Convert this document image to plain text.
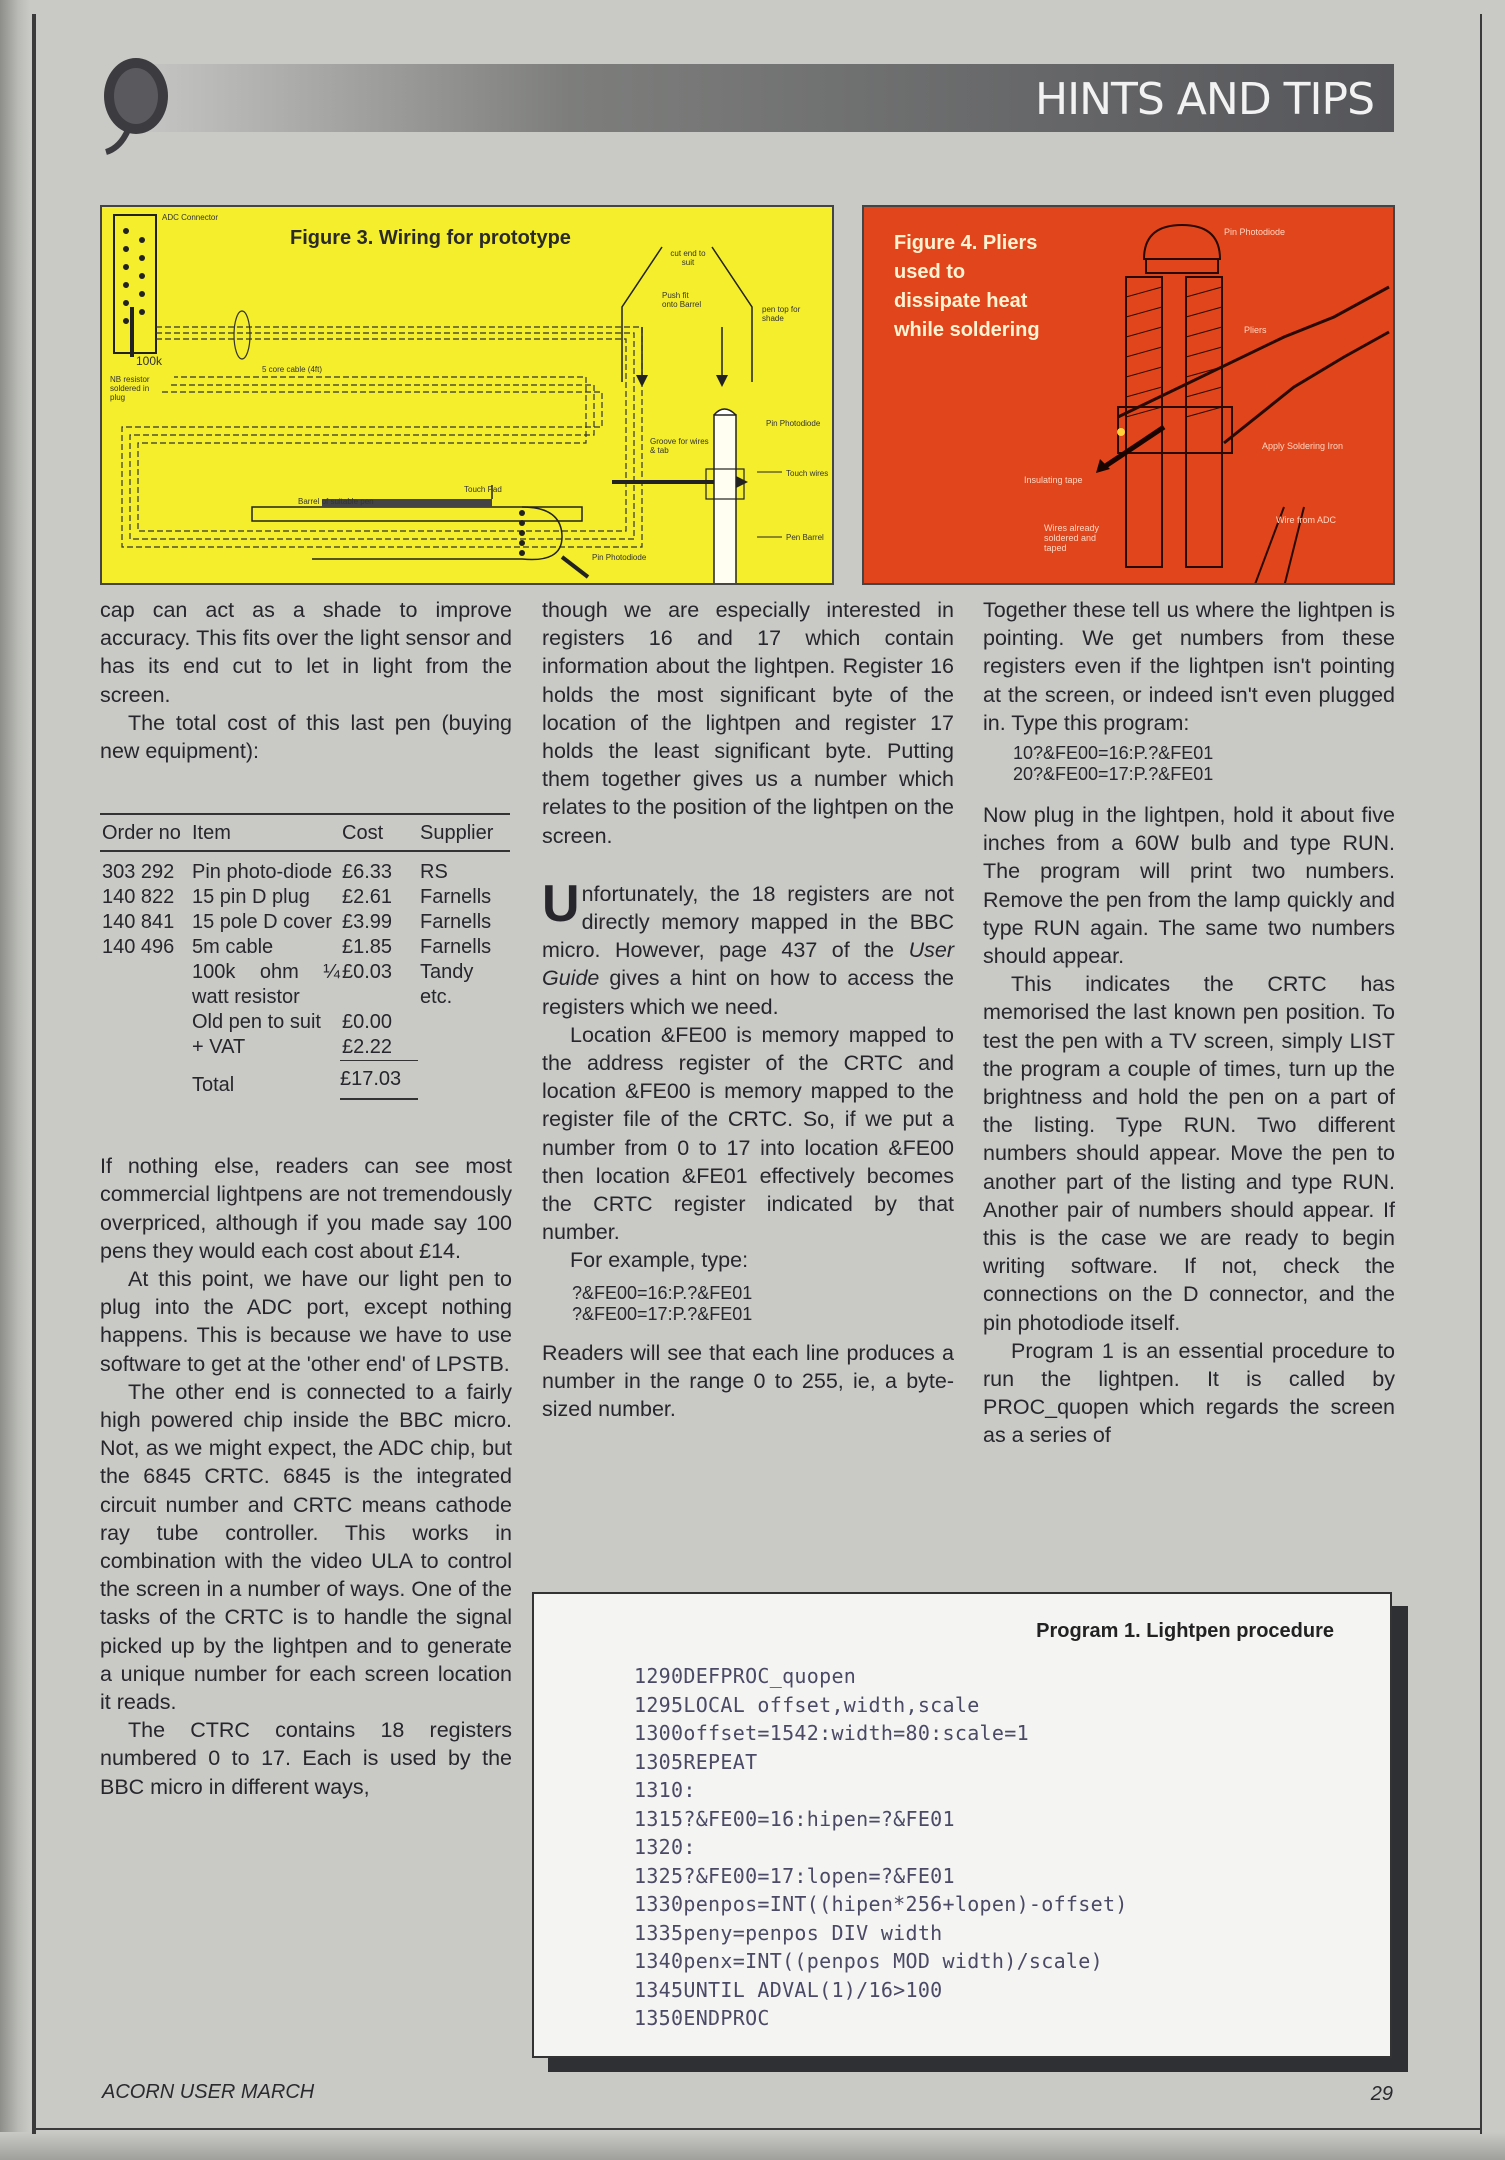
HINTS AND TIPS
Figure 3. Wiring for prototype
ADC Connector
100k
NB resistor soldered in plug
5 core cable (4ft)
cut end to suit
Push fit onto Barrel
pen top for shade
Groove for wires & tab
Pin Photodiode
Touch wires
Touch Pad
Barrel of suitable pen
Pen Barrel
Pin Photodiode
Figure 4. Pliers used to dissipate heat while soldering
Pin Photodiode
Pliers
Apply Soldering Iron
Insulating tape
Wires already soldered and taped
Wire from ADC

cap can act as a shade to improve accuracy. This fits over the light sensor and has its end cut to let in light from the screen.

The total cost of this last pen (buying new equipment):

Order no	Item	Cost	Supplier
303 292	Pin photo-diode	£6.33	RS
140 822	15 pin D plug	£2.61	Farnells
140 841	15 pole D cover	£3.99	Farnells
140 496	5m cable	£1.85	Farnells
	100k ohm ¼ watt resistor	£0.03	Tandy etc.
	Old pen to suit	£0.00	
	+ VAT	£2.22	
	Total	£17.03	

If nothing else, readers can see most commercial lightpens are not tremendously overpriced, although if you made say 100 pens they would each cost about £14.

At this point, we have our light pen to plug into the ADC port, except nothing happens. This is because we have to use software to get at the 'other end' of LPSTB.

The other end is connected to a fairly high powered chip inside the BBC micro. Not, as we might expect, the ADC chip, but the 6845 CRTC. 6845 is the integrated circuit number and CRTC means cathode ray tube controller. This works in combination with the video ULA to control the screen in a number of ways. One of the tasks of the CRTC is to handle the signal picked up by the lightpen and to generate a unique number for each screen location it reads.

The CTRC contains 18 registers numbered 0 to 17. Each is used by the BBC micro in different ways,

though we are especially interested in registers 16 and 17 which contain information about the lightpen. Register 16 holds the most significant byte of the location of the lightpen and register 17 holds the least significant byte. Putting them together gives us a number which relates to the position of the lightpen on the screen.

Unfortunately, the 18 registers are not directly memory mapped in the BBC micro. However, page 437 of the User Guide gives a hint on how to access the registers which we need.

Location &FE00 is memory mapped to the address register of the CRTC and location &FE00 is memory mapped to the register file of the CRTC. So, if we put a number from 0 to 17 into location &FE00 then location &FE01 effectively becomes the CRTC register indicated by that number.

For example, type:

?&FE00=16:P.?&FE01
?&FE00=17:P.?&FE01

Readers will see that each line produces a number in the range 0 to 255, ie, a byte-sized number.

Together these tell us where the lightpen is pointing. We get numbers from these registers even if the lightpen isn't pointing at the screen, or indeed isn't even plugged in. Type this program:

10?&FE00=16:P.?&FE01
20?&FE00=17:P.?&FE01

Now plug in the lightpen, hold it about five inches from a 60W bulb and type RUN. The program will print two numbers. Remove the pen from the lamp quickly and type RUN again. The same two numbers should appear.

This indicates the CRTC has memorised the last known pen position. To test the pen with a TV screen, simply LIST the program a couple of times, turn up the brightness and hold the pen on a part of the listing. Type RUN. Two different numbers should appear. Move the pen to another part of the listing and type RUN. Another pair of numbers should appear. If this is the case we are ready to begin writing software. If not, check the connections on the D connector, and the pin photodiode itself.

Program 1 is an essential procedure to run the lightpen. It is called by PROC_quopen which regards the screen as a series of

Program 1. Lightpen procedure
1290DEFPROC_quopen
1295LOCAL offset,width,scale
1300offset=1542:width=80:scale=1
1305REPEAT
1310:
1315?&FE00=16:hipen=?&FE01
1320:
1325?&FE00=17:lopen=?&FE01
1330penpos=INT((hipen*256+lopen)-offset)
1335peny=penpos DIV width
1340penx=INT((penpos MOD width)/scale)
1345UNTIL ADVAL(1)/16>100
1350ENDPROC
ACORN USER MARCH	29
